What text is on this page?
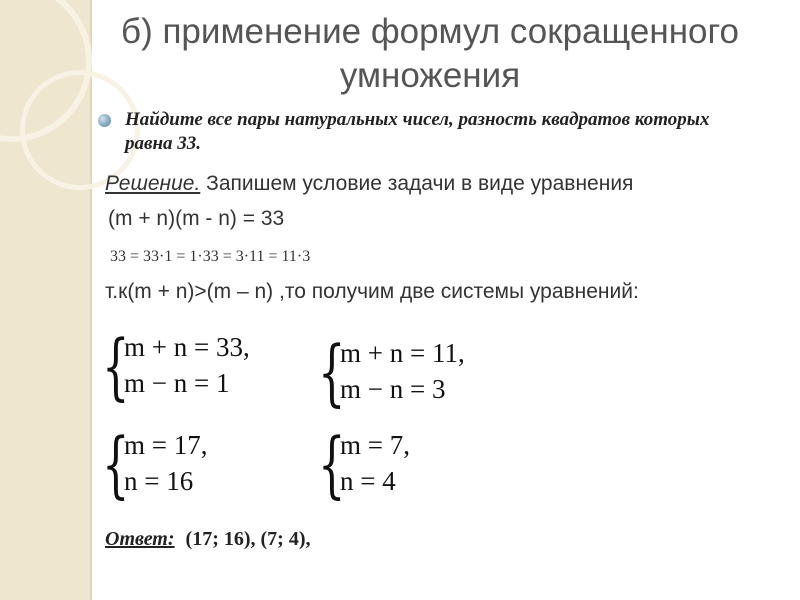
б) применение формул сокращенного умножения
Найдите все пары натуральных чисел, разность квадратов которых равна 33.
Решение. Запишем условие задачи в виде уравнения
(m + n)(m - n) = 33
33 = 33·1 = 1·33 = 3·11 = 11·3
т.к(m + n)>(m – n) ,то получим две системы уравнений:
{
m + n = 33,
m − n = 1 {
m + n = 11,
m − n = 3
{
m = 17,
n = 16 {
m = 7,
n = 4
Ответ: (17; 16), (7; 4),
